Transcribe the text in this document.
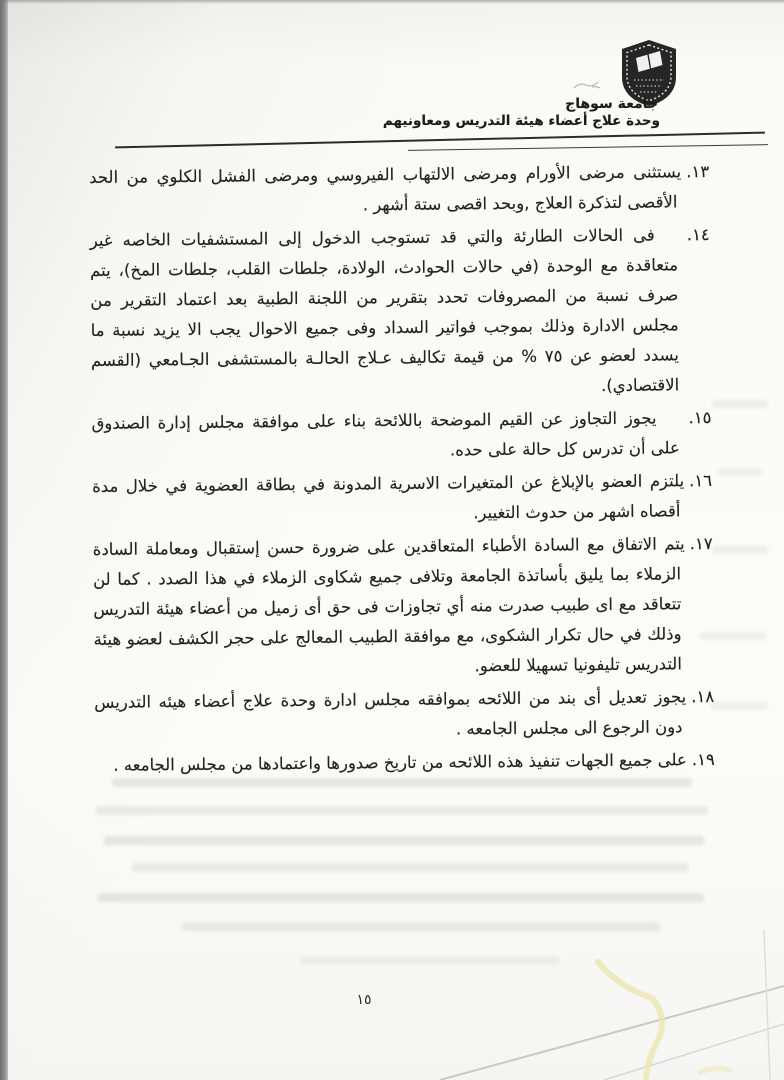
جامعة سوهاج
وحدة علاج أعضاء هيئة التدريس ومعاونيهم

١٣.يستثنى مرضى الأورام ومرضى الالتهاب الفيروسي ومرضى الفشل الكلوي من الحد الأقصى لتذكرة العلاج ,وبحد اقصى ستة أشهر .

١٤.فى الحالات الطارئة والتي قد تستوجب الدخول إلى المستشفيات الخاصه غير متعاقدة مع الوحدة (في حالات الحوادث، الولادة، جلطات القلب، جلطات المخ)، يتم صرف نسبة من المصروفات تحدد بتقرير من اللجنة الطبية بعد اعتماد التقرير من مجلس الادارة وذلك بموجب فواتير السداد وفى جميع الاحوال يجب الا يزيد نسبة ما يسدد لعضو عن ٧٥ % من قيمة تكاليف عـلاج الحالـة بالمستشفى الجـامعي (القسم الاقتصادي).

١٥.يجوز التجاوز عن القيم الموضحة باللائحة بناء على موافقة مجلس إدارة الصندوق على أن تدرس كل حالة على حده.

١٦.يلتزم العضو بالإبلاغ عن المتغيرات الاسرية المدونة في بطاقة العضوية في خلال مدة أقصاه اشهر من حدوث التغيير.

١٧.يتم الاتفاق مع السادة الأطباء المتعاقدين على ضرورة حسن إستقبال ومعاملة السادة الزملاء بما يليق بأساتذة الجامعة وتلافى جميع شكاوى الزملاء في هذا الصدد . كما لن تتعاقد مع اى طبيب صدرت منه أي تجاوزات فى حق أى زميل من أعضاء هيئة التدريس وذلك في حال تكرار الشكوى، مع موافقة الطبيب المعالج على حجر الكشف لعضو هيئة التدريس تليفونيا تسهيلا للعضو.

١٨.يجوز تعديل أى بند من اللائحه بموافقه مجلس ادارة وحدة علاج أعضاء هيئه التدريس دون الرجوع الى مجلس الجامعه .

١٩.على جميع الجهات تنفيذ هذه اللائحه من تاريخ صدورها واعتمادها من مجلس الجامعه .

١٥
